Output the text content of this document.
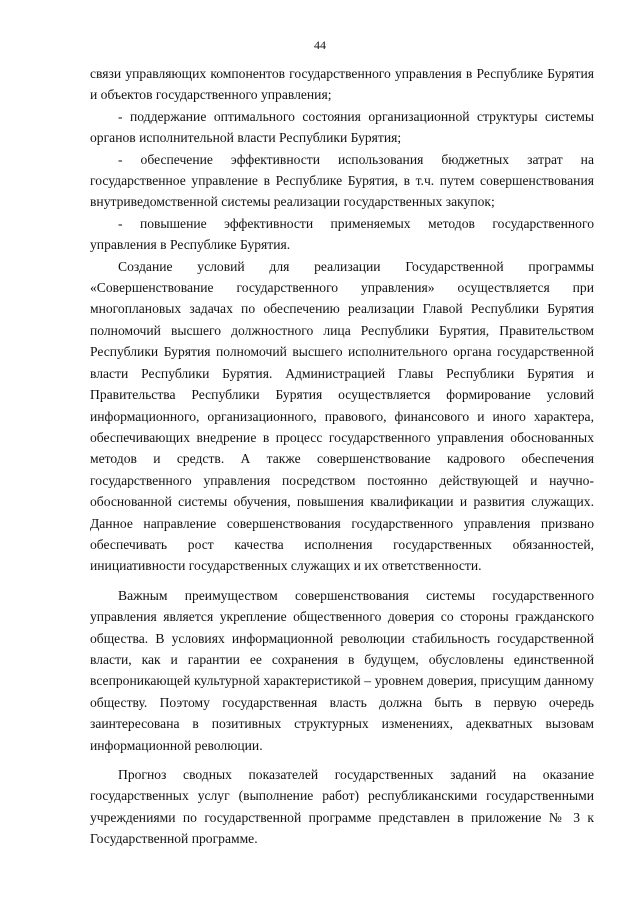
44

связи управляющих компонентов государственного управления в Республике Бурятия и объектов государственного управления;

- поддержание оптимального состояния организационной структуры системы органов исполнительной власти Республики Бурятия;

- обеспечение эффективности использования бюджетных затрат на государственное управление в Республике Бурятия, в т.ч. путем совершенствования внутриведомственной системы реализации государственных закупок;

- повышение эффективности применяемых методов государственного управления в Республике Бурятия.

Создание условий для реализации Государственной программы «Совершенствование государственного управления» осуществляется при многоплановых задачах по обеспечению реализации Главой Республики Бурятия полномочий высшего должностного лица Республики Бурятия, Правительством Республики Бурятия полномочий высшего исполнительного органа государственной власти Республики Бурятия. Администрацией Главы Республики Бурятия и Правительства Республики Бурятия осуществляется формирование условий информационного, организационного, правового, финансового и иного характера, обеспечивающих внедрение в процесс государственного управления обоснованных методов и средств. А также совершенствование кадрового обеспечения государственного управления посредством постоянно действующей и научно-обоснованной системы обучения, повышения квалификации и развития служащих. Данное направление совершенствования государственного управления призвано обеспечивать рост качества исполнения государственных обязанностей, инициативности государственных служащих и их ответственности.

Важным преимуществом совершенствования системы государственного управления является укрепление общественного доверия со стороны гражданского общества. В условиях информационной революции стабильность государственной власти, как и гарантии ее сохранения в будущем, обусловлены единственной всепроникающей культурной характеристикой – уровнем доверия, присущим данному обществу. Поэтому государственная власть должна быть в первую очередь заинтересована в позитивных структурных изменениях, адекватных вызовам информационной революции.

Прогноз сводных показателей государственных заданий на оказание государственных услуг (выполнение работ) республиканскими государственными учреждениями по государственной программе представлен в приложение № 3 к Государственной программе.
